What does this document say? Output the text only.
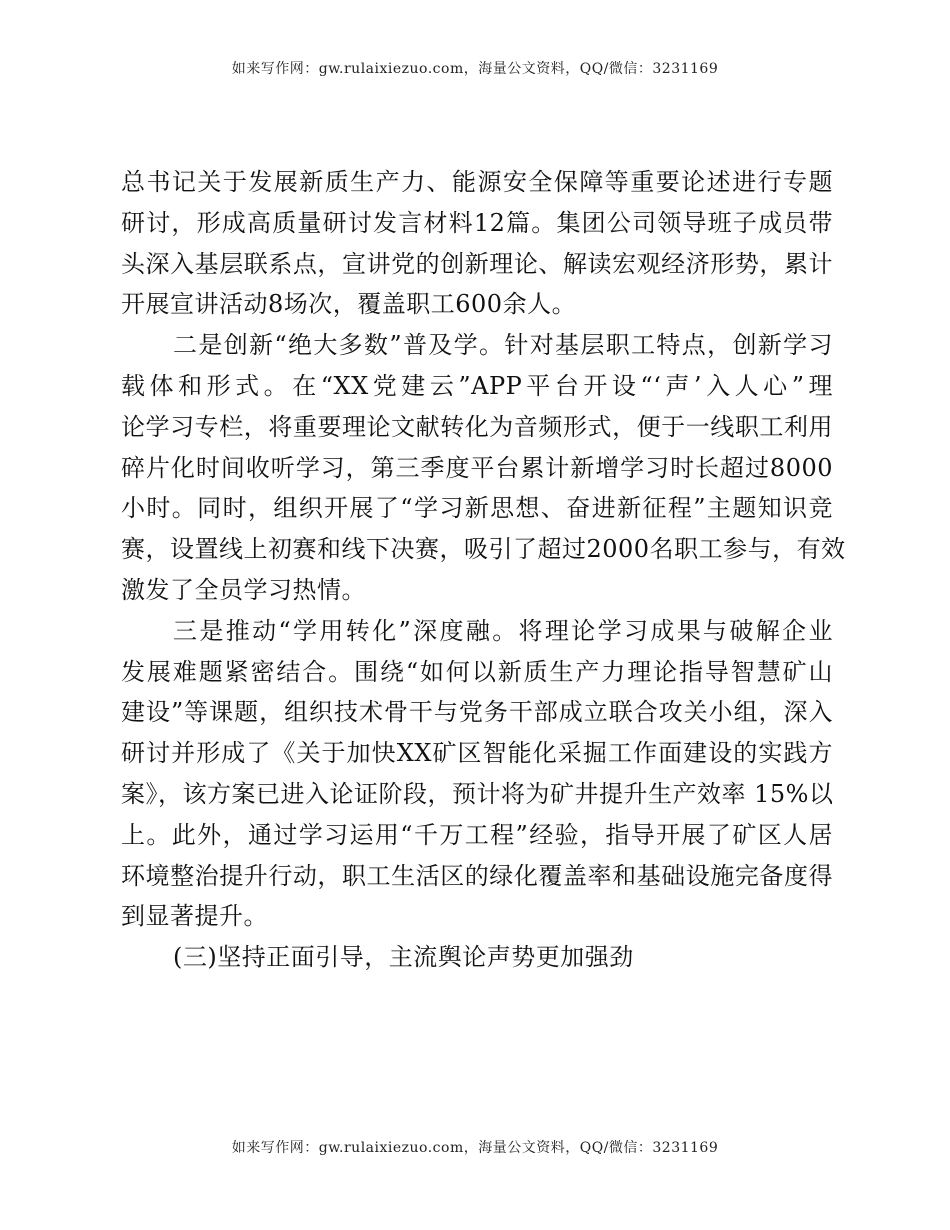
如来写作网：gw.rulaixiezuo.com，海量公文资料，QQ/微信：3231169
总书记关于发展新质生产力、能源安全保障等重要论述进行专题
研讨，形成高质量研讨发言材料12篇。集团公司领导班子成员带
头深入基层联系点，宣讲党的创新理论、解读宏观经济形势，累计
开展宣讲活动8场次，覆盖职工600余人。
二是创新“绝大多数”普及学。针对基层职工特点，创新学习
载体和形式。在“XX党建云”APP平台开设“‘声’入人心”理
论学习专栏，将重要理论文献转化为音频形式，便于一线职工利用
碎片化时间收听学习，第三季度平台累计新增学习时长超过8000
小时。同时，组织开展了“学习新思想、奋进新征程”主题知识竞
赛，设置线上初赛和线下决赛，吸引了超过2000名职工参与，有效
激发了全员学习热情。
三是推动“学用转化”深度融。将理论学习成果与破解企业
发展难题紧密结合。围绕“如何以新质生产力理论指导智慧矿山
建设”等课题，组织技术骨干与党务干部成立联合攻关小组，深入
研讨并形成了《关于加快XX矿区智能化采掘工作面建设的实践方
案》，该方案已进入论证阶段，预计将为矿井提升生产效率 15%以
上。此外，通过学习运用“千万工程”经验，指导开展了矿区人居
环境整治提升行动，职工生活区的绿化覆盖率和基础设施完备度得
到显著提升。
(三)坚持正面引导，主流舆论声势更加强劲
如来写作网：gw.rulaixiezuo.com，海量公文资料，QQ/微信：3231169
